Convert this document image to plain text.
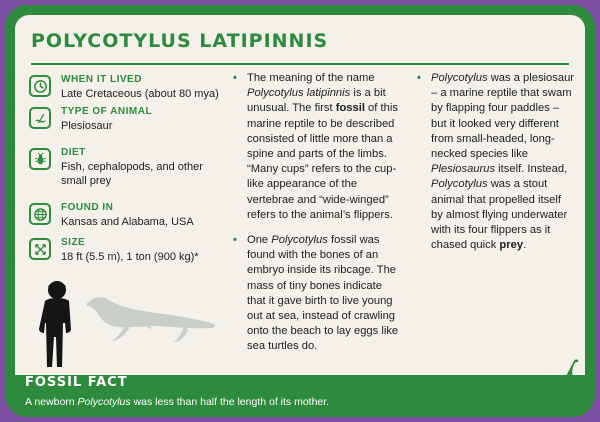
POLYCOTYLUS LATIPINNIS
WHEN IT LIVED
Late Cretaceous (about 80 mya)
TYPE OF ANIMAL
Plesiosaur
DIET
Fish, cephalopods, and other small prey
FOUND IN
Kansas and Alabama, USA
SIZE
18 ft (5.5 m), 1 ton (900 kg)*

• The meaning of the name Polycotylus latipinnis is a bit unusual. The first fossil of this marine reptile to be described consisted of little more than a spine and parts of the limbs. “Many cups” refers to the cup-like appearance of the vertebrae and “wide-winged” refers to the animal’s flippers.

• One Polycotylus fossil was found with the bones of an embryo inside its ribcage. The mass of tiny bones indicate that it gave birth to live young out at sea, instead of crawling onto the beach to lay eggs like sea turtles do.

• Polycotylus was a plesiosaur – a marine reptile that swam by flapping four paddles – but it looked very different from small-headed, long-necked species like Plesiosaurus itself. Instead, Polycotylus was a stout animal that propelled itself by almost flying underwater with its four flippers as it chased quick prey.

FOSSIL FACT
A newborn Polycotylus was less than half the length of its mother.
